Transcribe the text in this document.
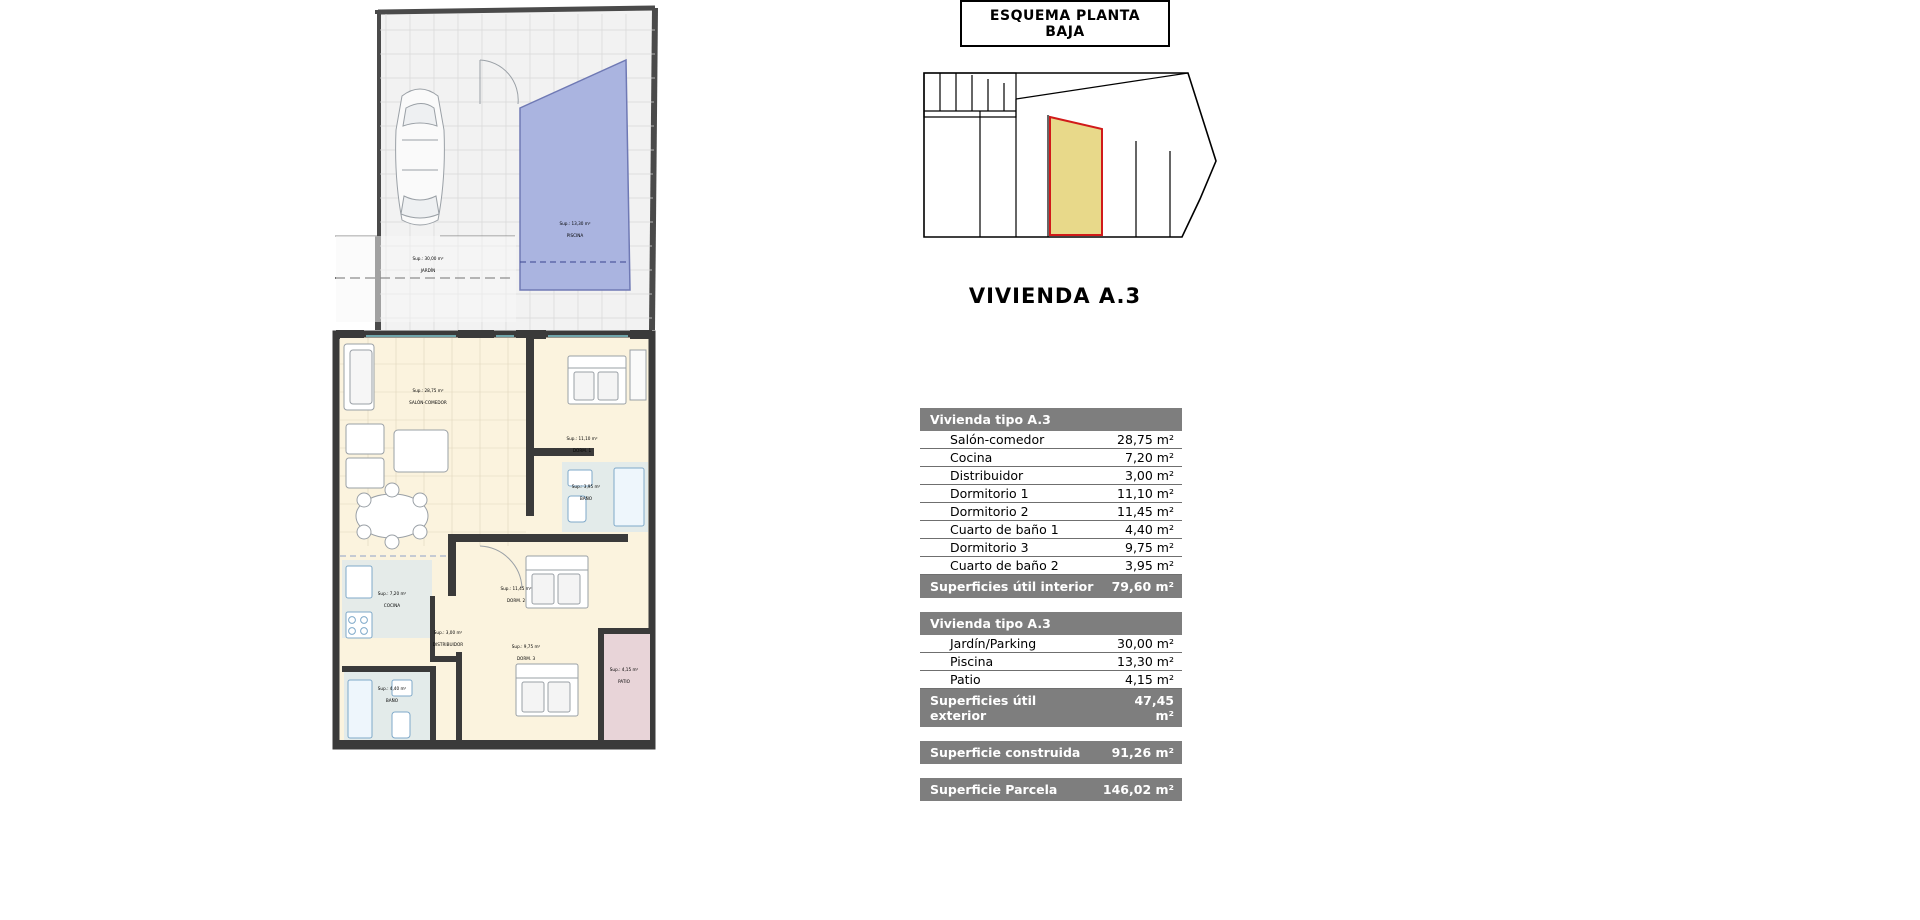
Sup.: 30,00 m²
JARDÍN
Sup.: 13,30 m²
PISCINA
Sup.: 28,75 m²
SALÓN-COMEDOR
Sup.: 11,10 m²
DORM. 1
Sup.: 3,95 m²
BAÑO
Sup.: 7,20 m²
COCINA
Sup.: 11,45 m²
DORM. 2
Sup.: 3,00 m²
DISTRIBUIDOR	Sup.: 9,75 m²
DORM. 3
Sup.: 4,15 m²
PATIO
Sup.: 4,40 m²
BAÑO
ESQUEMA PLANTA BAJA
VIVIENDA A.3
Vivienda tipo A.3	
Salón-comedor	28,75 m²
Cocina	7,20 m²
Distribuidor	3,00 m²
Dormitorio 1	11,10 m²
Dormitorio 2	11,45 m²
Cuarto de baño 1	4,40 m²
Dormitorio 3	9,75 m²
Cuarto de baño 2	3,95 m²
Superficies útil interior	79,60 m²
Vivienda tipo A.3	
Jardín/Parking	30,00 m²
Piscina	13,30 m²
Patio	4,15 m²
Superficies útil exterior	47,45 m²
Superficie construida	91,26 m²
Superficie Parcela	146,02 m²
